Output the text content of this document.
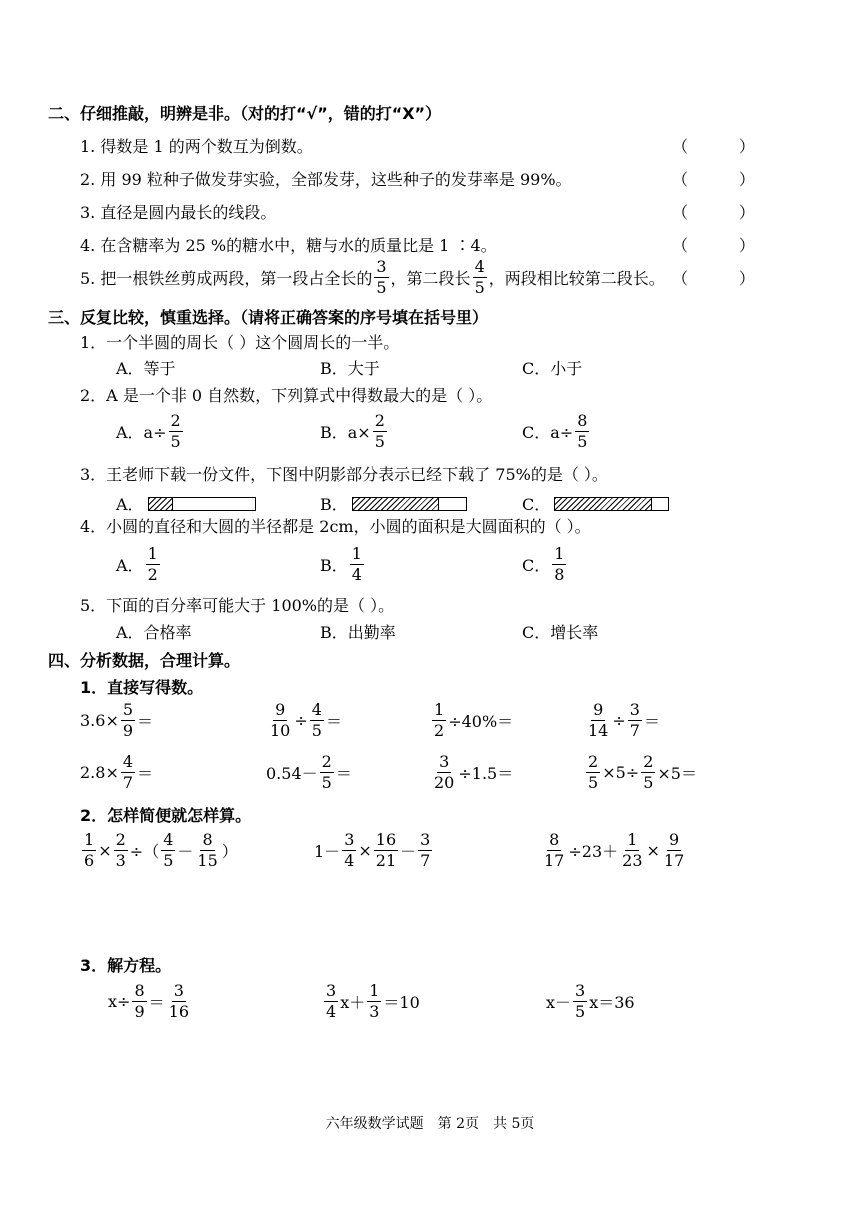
二、仔细推敲，明辨是非。（对的打“√”，错的打“X”）
1. 得数是 1 的两个数互为倒数。	（          ）
2. 用 99 粒种子做发芽实验，全部发芽，这些种子的发芽率是 99%。	（          ）
3. 直径是圆内最长的线段。	（          ）
4. 在含糖率为 25 %的糖水中，糖与水的质量比是 1 ∶4。	（          ）
5. 把一根铁丝剪成两段，第一段占全长的 $\frac{3}{5}$ ，第二段长 $\frac{4}{5}$ ，两段相比较第二段长。 （          ）
三、反复比较，慎重选择。（请将正确答案的序号填在括号里）
1．一个半圆的周长（ ）这个圆周长的一半。
A．等于	B．大于	C．小于
2．A 是一个非 0 自然数，下列算式中得数最大的是（ ）。
A．$a\div \frac{2}{5}$	B．$a\times \frac{2}{5}$	C．$a\div \frac{8}{5}$
3．王老师下载一份文件，下图中阴影部分表示已经下载了 75%的是（ ）。
A．	B．	C．
4．小圆的直径和大圆的半径都是 2cm，小圆的面积是大圆面积的（ ）。
A． $\frac{1}{2}$	B． $\frac{1}{4}$	C． $\frac{1}{8}$
5．下面的百分率可能大于 100%的是（ ）。
A．合格率	B．出勤率	C．增长率
四、分析数据，合理计算。
1．直接写得数。
$3.6\times \frac{5}{9}$ ＝	$\frac{9}{10} \div \frac{4}{5}$ ＝	$\frac{1}{2} \div 40\%=$	$\frac{9}{14} \div \frac{3}{7}$ ＝
$2.8\times \frac{4}{7}$ ＝	$0.54- \frac{2}{5}$ ＝	$\frac{3}{20} \div 1.5=$	$\frac{2}{5} \times 5\div \frac{2}{5} \times 5=$
2．怎样简便就怎样算。
$\frac{1}{6} \times \frac{2}{3}$ ÷（ $\frac{4}{5} - \frac{8}{15}$ ）	$1- \frac{3}{4} \times \frac{16}{21} - \frac{3}{7}$	$\frac{8}{17} \div 23+ \frac{1}{23} \times \frac{9}{17}$
3．解方程。
$x\div \frac{8}{9} = \frac{3}{16}$	$\frac{3}{4} x+ \frac{1}{3} =10$	$x- \frac{3}{5} x=36$
六年级数学试题　第 2页　共 5页
